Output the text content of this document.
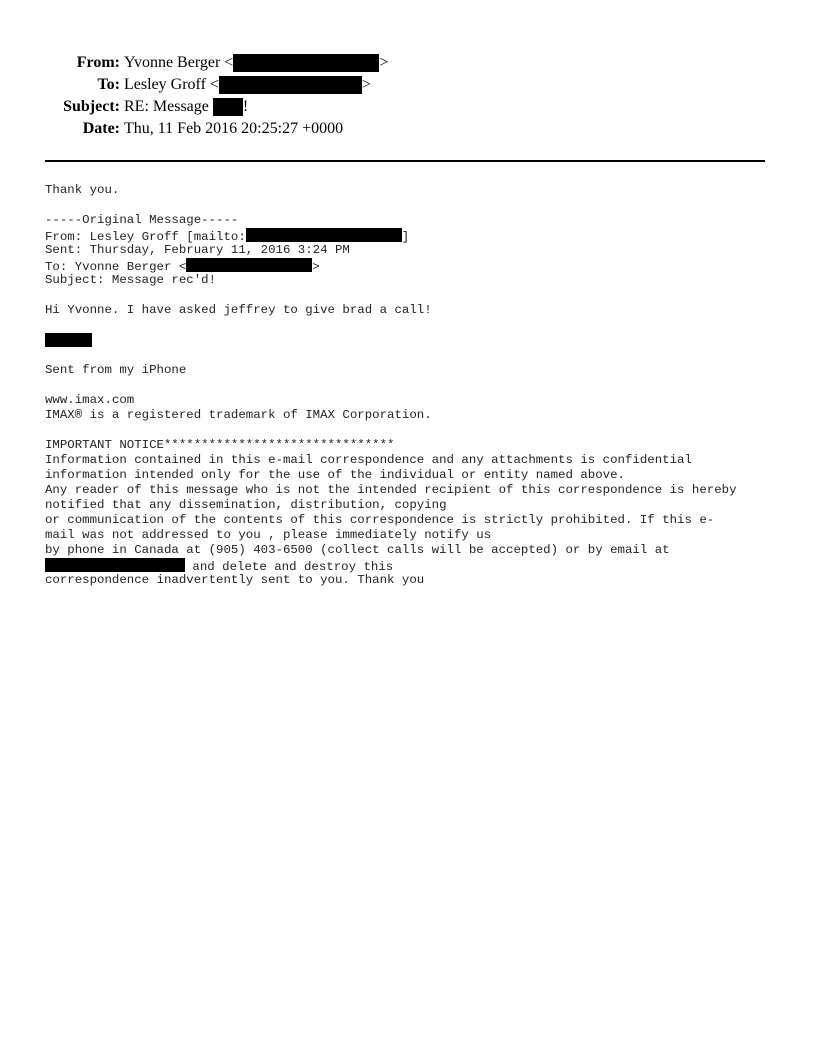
From: Yvonne Berger <	>
To: Lesley Groff <	>
Subject: RE: Message !
Date: Thu, 11 Feb 2016 20:25:27 +0000
Thank you.
-----Original Message-----
From: Lesley Groff [mailto:	]
Sent: Thursday, February 11, 2016 3:24 PM
To: Yvonne Berger <	>
Subject: Message rec'd!
Hi Yvonne. I have asked jeffrey to give brad a call!
Sent from my iPhone
www.imax.com
IMAX® is a registered trademark of IMAX Corporation.
IMPORTANT NOTICE*******************************
Information contained in this e-mail correspondence and any attachments is confidential
information intended only for the use of the individual or entity named above.
Any reader of this message who is not the intended recipient of this correspondence is hereby
notified that any dissemination, distribution, copying
or communication of the contents of this correspondence is strictly prohibited. If this e-
mail was not addressed to you , please immediately notify us
by phone in Canada at (905) 403-6500 (collect calls will be accepted) or by email at
and delete and destroy this
correspondence inadvertently sent to you. Thank you
